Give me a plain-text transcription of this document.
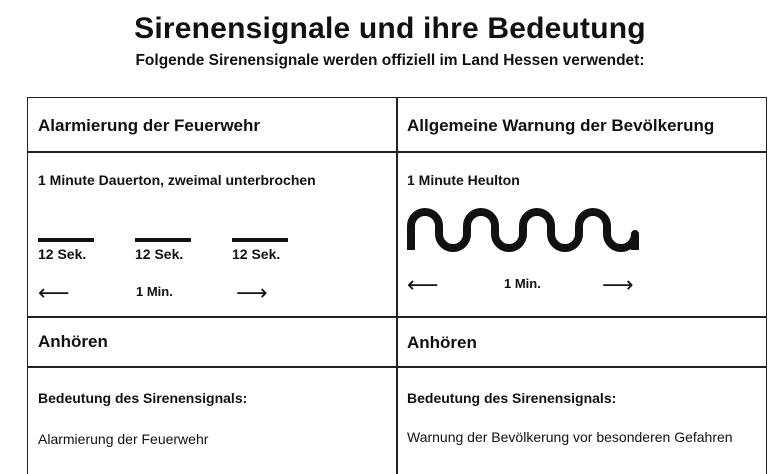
Sirenensignale und ihre Bedeutung
Folgende Sirenensignale werden offiziell im Land Hessen verwendet:
Alarmierung der Feuerwehr
1 Minute Dauerton, zweimal unterbrochen
12 Sek.	12 Sek.	12 Sek.
⟵	1 Min.	⟶
Anhören
Bedeutung des Sirenensignals:
Alarmierung der Feuerwehr
Allgemeine Warnung der Bevölkerung
1 Minute Heulton
⟵	1 Min.	⟶
Anhören
Bedeutung des Sirenensignals:
Warnung der Bevölkerung vor besonderen Gefahren
